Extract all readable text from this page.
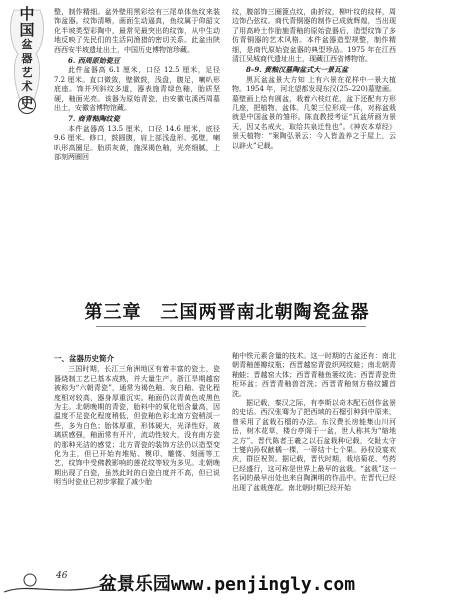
中
国
盆
器
艺
术
史

整，制作精细。盆外壁用黑彩绘有三尾单体鱼纹来装饰盆器。纹饰清晰，画面生动逼真，鱼纹属于仰韶文化半坡类型彩陶中，最常见最突出的纹饰，从中生动地反映了先民们的生活同渔猎的密切关系。此盆由陕西西安半坡遗址出土，中国历史博物馆珍藏。

6. 西周原始瓷豆

此件盆器高 6.1 厘米，口径 12.5 厘米，足径 7.2 厘米。直口微敛，壁微鼓，浅盘，腹足，喇叭形底座。饰并列斜纹多道，器表施青绿色釉，胎质坚硬，釉面光亮。该器为原始青瓷，由安徽屯溪西周墓出土，安徽省博物馆藏。

7. 商青釉陶纹瓷

本件盆器高 13.5 厘米，口径 14.6 厘米，底径 9.6 厘米。修口，鼓圆腹，肩上部浅盘形、弧壁，喇叭形高圈足。胎质灰黄，施深褐色釉，光亮细腻，上部刻两圈回

纹，腹部饰三圈篦点纹，曲折纹，柳叶纹的纹样，周边饰凸弦纹。商代青铜器的制作已成就辉煌，当出现了用高岭土作胎施青釉的原始瓷器后，造型纹饰了多仿青铜器的艺术风格。本件盆器造型规整，制作精细，是商代原始瓷盆器的典型珍品。1975 年在江西清江吴城商代遗址出土，现藏江西省博物馆。

8–9. 黄釉汉墓陶盆式大一景瓦盆

黑瓦盆盆景大方知 上有六景在花样中一景大植物。1954 年，河北望都发现东汉(25–220)墓壁画。墓壁画上绘有圆盆，栽着六枝红花，盆下还配有方形几座，把植物、盆体、几架三位形成一体，对称盆栽就是中国盆景的雏形。陈直教授考证“瓦盆所画为景天，因又名戒火，取给共泉迁性也”。《神农本草经》景天植物：“案陶弘景云：今人皆盖养之于屋上，云以辟火”记载。

第三章　三国两晋南北朝陶瓷盆器

一、盆器历史简介

三国时期，长江三角洲地区有着丰富的瓷土，瓷器烧制工艺已基本成熟，并大量生产。浙江旱期越窑被称为“六朝青瓷”，通常为褐色釉、灰白釉、瓷化程度相对较高，器身厚重沉实。釉面仍以青黄色或黑色为主。北朝晚期的青瓷，胎料中的氧化铝含量高，因温度不足瓷化程度稍低，但瓷釉色彩北南方瓷稍淡一些，多为白色；胎体厚重，形体硬大，光泽性好，玻璃质感强，釉面常有开片，流动性较大，没有南方瓷的那种光洁的感觉；北方青瓷的装饰方法仍以造型变化为主，但已开始有堆贴、模印、雕镂、刻画等工艺，纹饰中受佛教影响的莲花纹等较为多见。北朝晚期出现了白瓷，虽然此时的白瓷白度并不高，但已说明当时瓷业已初步掌握了减少胎

釉中铁元素含量的技术。这一时期的古盆还有：南北朝青釉莲瓣纹瓶；西晋越窑青瓷织网纹蛙；南北朝青釉蛙；晋越窑大体；西晋青釉鱼篓纹洗；西晋青瓷贵柜环盆；西晋青釉兽首洗；西晋青釉刻方格纹罐首洗。

据记载，秦汉之际，有李斯以奇木配石创作盆景的史话。西汉张骞为了把西域的石榴引种到中原来，曾采用了盆栽石榴的办法。东汉费长房能集山川河岳，树木花草，楼台亭阁于一盆，世人称其为“缩地之方”。晋代陈者王羲之以石盆栽种记载，交趾太守士燮向孙权献橘一棵，一蒂结十七个果。孙权设宴欢庆，群臣祝贺。据记载，晋代时期，栽培菊花、芍药已经盛行，这可称是世界上最早的盆栽。“盆栽”这一名词的最早出处也来自陶渊明的作品中。在晋代已经出现了盆栽莲花。南北朝时期已经开始

46	盆景乐园www.penjingly.com
